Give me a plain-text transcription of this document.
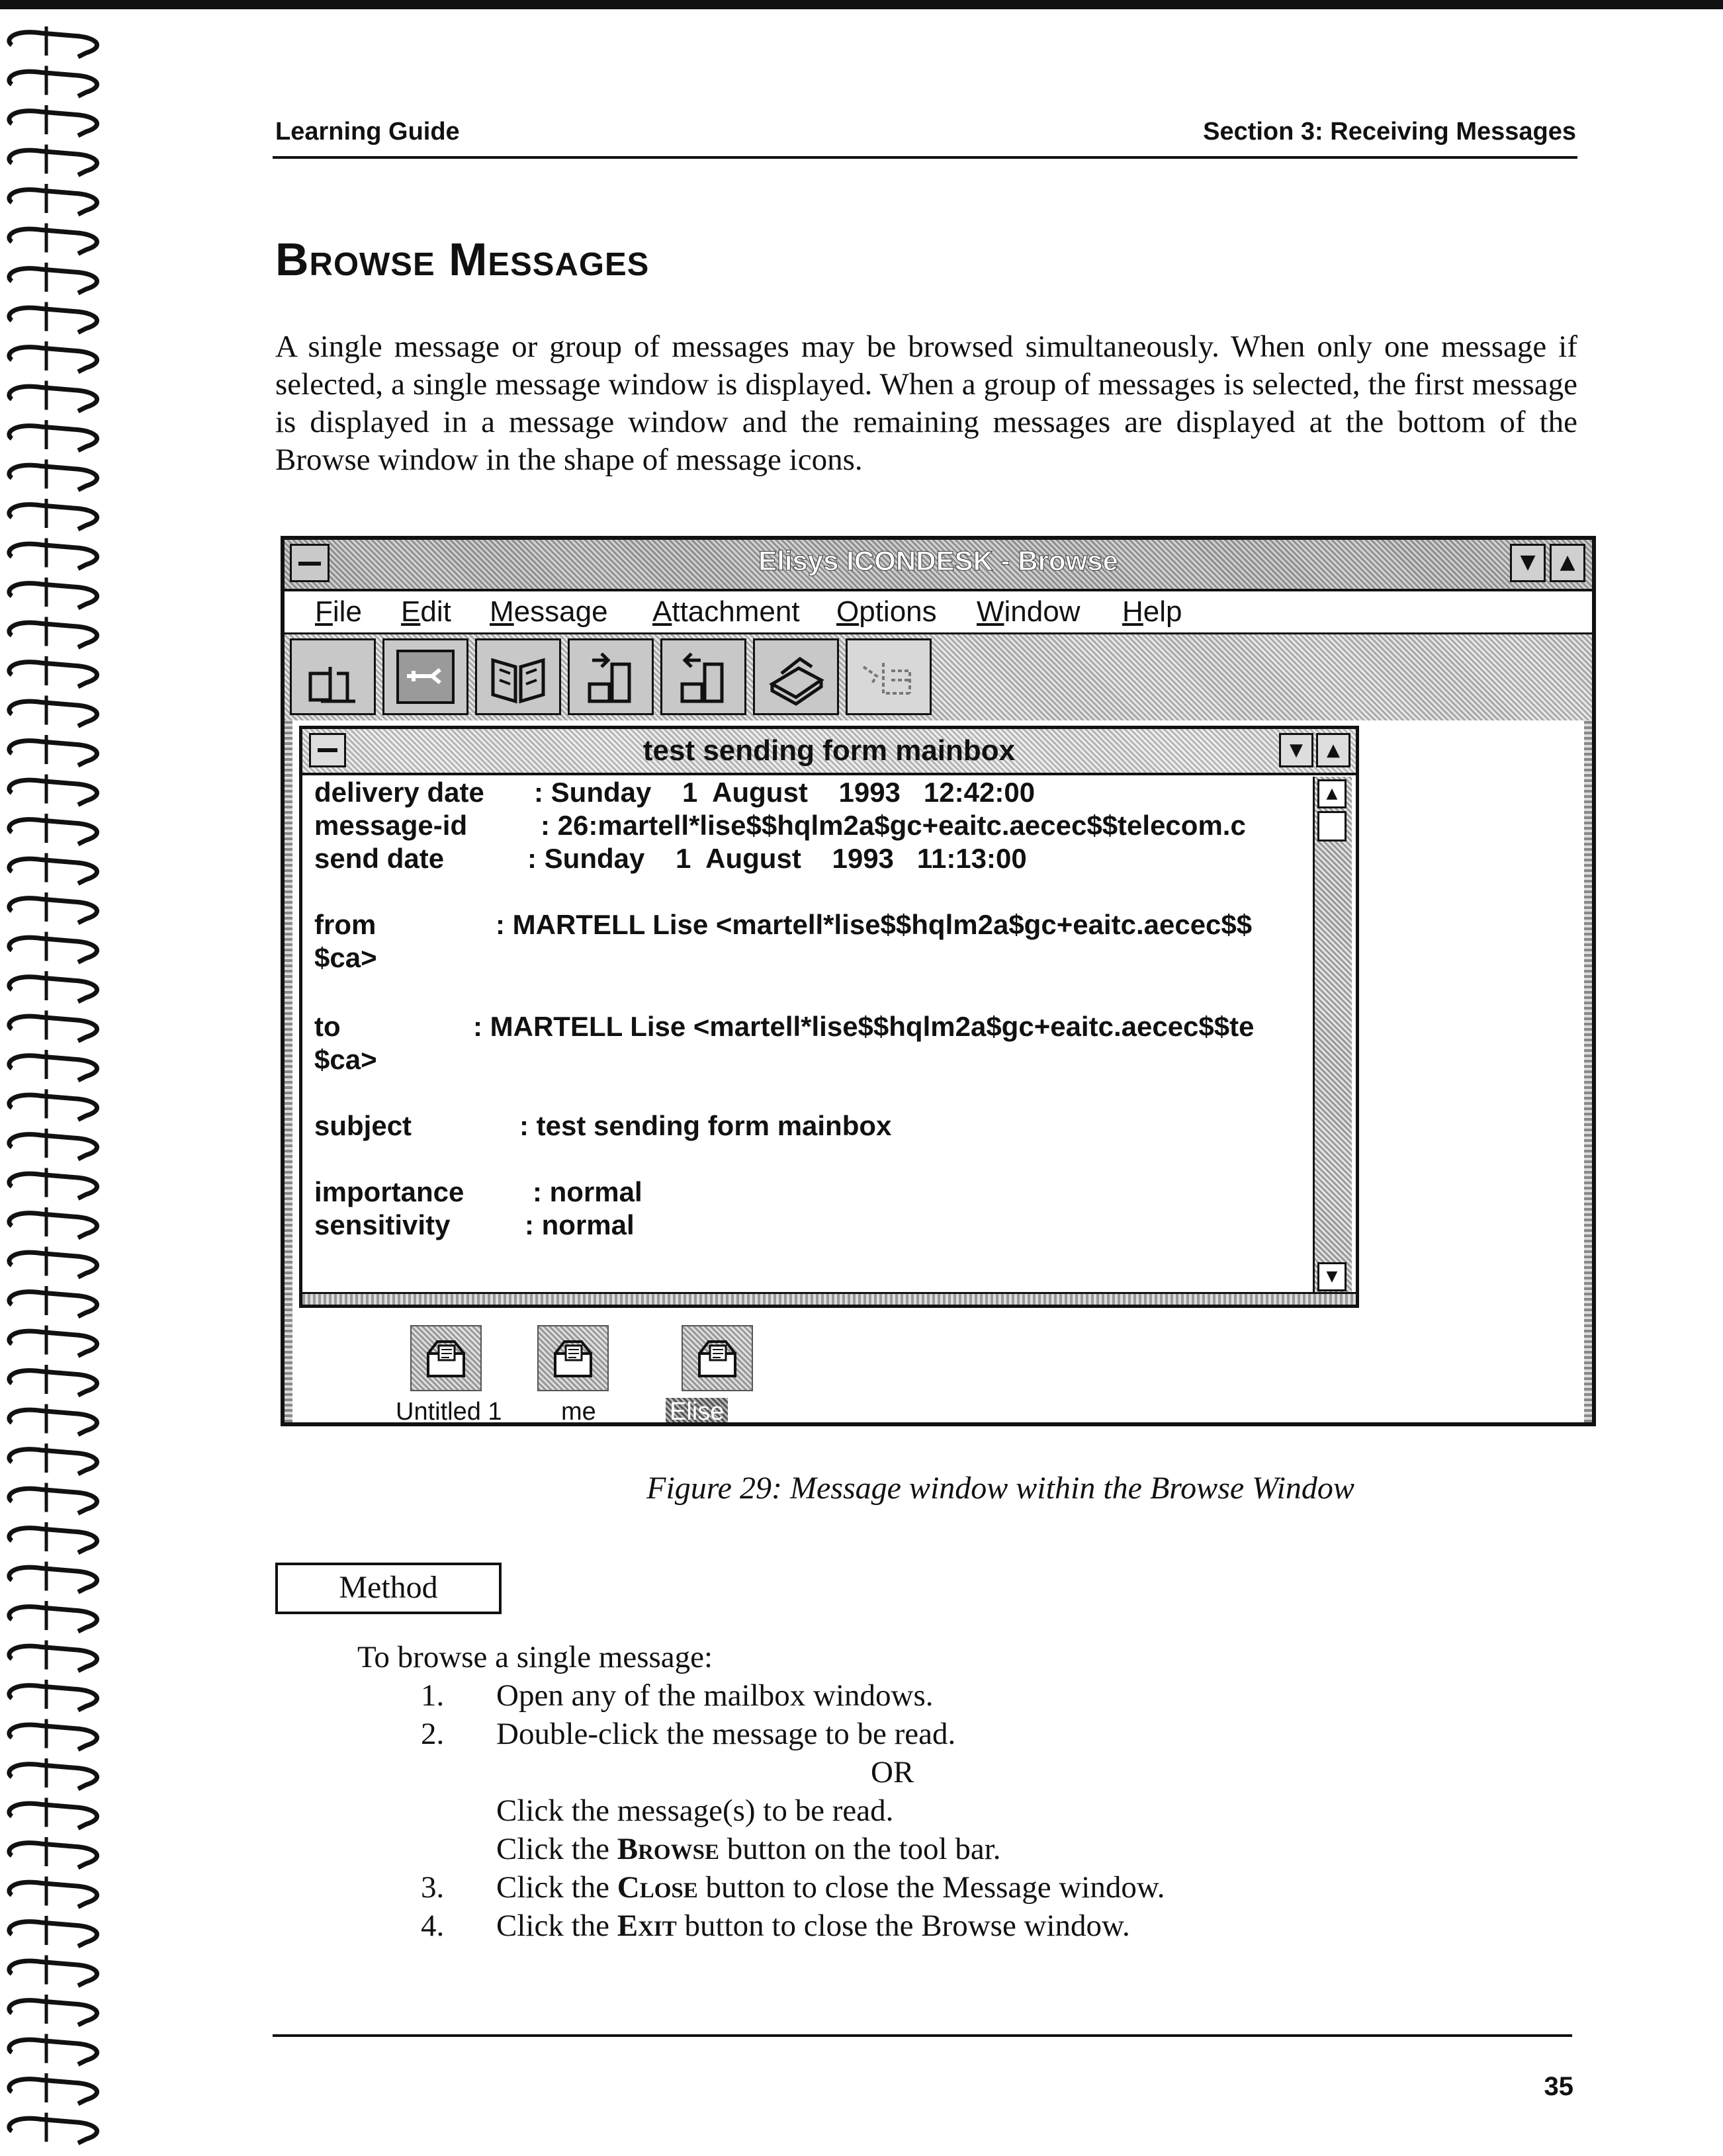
Learning Guide	Section 3: Receiving Messages
Browse Messages

A single message or group of messages may be browsed simultaneously. When only one message if selected, a single message window is displayed. When a group of messages is selected, the first message is displayed in a message window and the remaining messages are displayed at the bottom of the Browse window in the shape of message icons.

Elisys ICONDESK - Browse	▼	▲
File Edit Message Attachment Options Window Help
test sending form mainbox	▼	▲
delivery date : Sunday    1  August    1993   12:42:00
message-id	: 26:martell*lise$$hqlm2a$gc+eaitc.aecec$$telecom.c
send date	: Sunday    1  August    1993   11:13:00
from	: MARTELL Lise <martell*lise$$hqlm2a$gc+eaitc.aecec$$
$ca>
to	: MARTELL Lise <martell*lise$$hqlm2a$gc+eaitc.aecec$$te
$ca>
subject	: test sending form mainbox
importance : normal
sensitivity	: normal
▲
▼
Untitled 1 me	Elise
Figure 29: Message window within the Browse Window
Method
To browse a single message:
1. Open any of the mailbox windows.
2. Double-click the message to be read.
OR
Click the message(s) to be read.
Click the Browse button on the tool bar.
3. Click the Close button to close the Message window.
4. Click the Exit button to close the Browse window.
35
